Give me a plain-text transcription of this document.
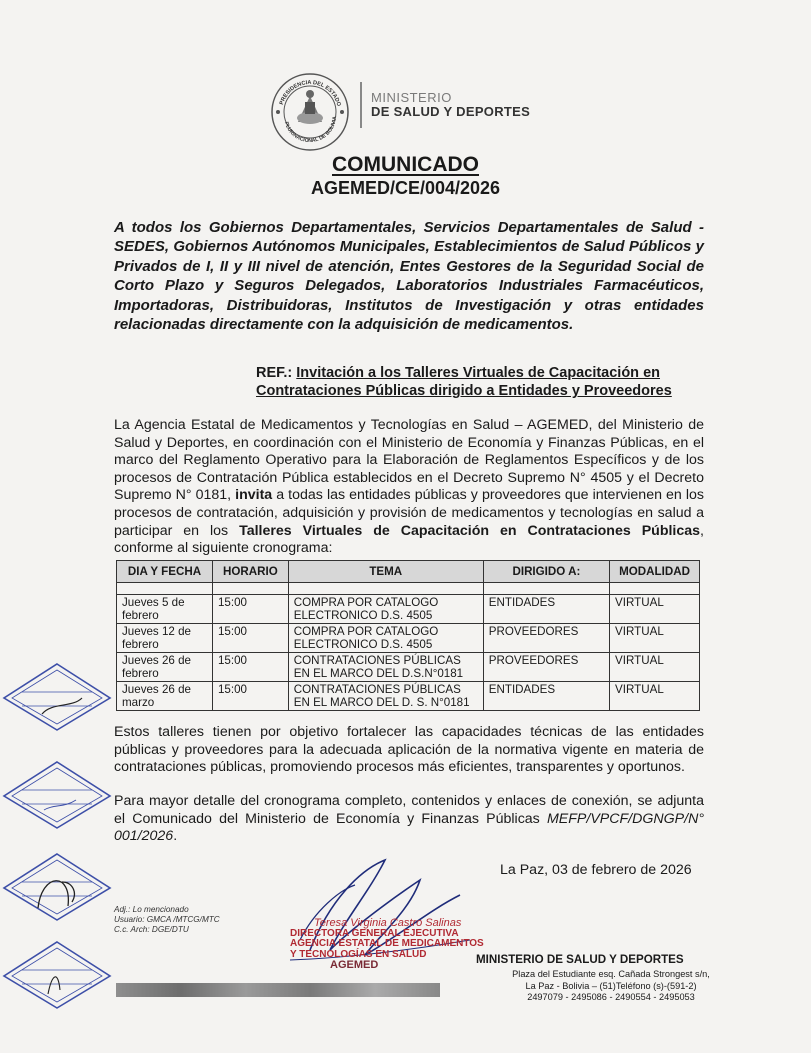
PRESIDENCIA DEL ESTADO
PLURINACIONAL DE BOLIVIA
MINISTERIO
DE SALUD Y DEPORTES
COMUNICADO
AGEMED/CE/004/2026
A todos los Gobiernos Departamentales, Servicios Departamentales de Salud - SEDES, Gobiernos Autónomos Municipales, Establecimientos de Salud Públicos y Privados de I, II y III nivel de atención, Entes Gestores de la Seguridad Social de Corto Plazo y Seguros Delegados, Laboratorios Industriales Farmacéuticos, Importadoras, Distribuidoras, Institutos de Investigación y otras entidades relacionadas directamente con la adquisición de medicamentos.
REF.: Invitación a los Talleres Virtuales de Capacitación en Contrataciones Públicas dirigido a Entidades y Proveedores
La Agencia Estatal de Medicamentos y Tecnologías en Salud – AGEMED, del Ministerio de Salud y Deportes, en coordinación con el Ministerio de Economía y Finanzas Públicas, en el marco del Reglamento Operativo para la Elaboración de Reglamentos Específicos y de los procesos de Contratación Pública establecidos en el Decreto Supremo N° 4505 y el Decreto Supremo N° 0181, invita a todas las entidades públicas y proveedores que intervienen en los procesos de contratación, adquisición y provisión de medicamentos y tecnologías en salud a participar en los Talleres Virtuales de Capacitación en Contrataciones Públicas, conforme al siguiente cronograma:
DIA Y FECHA	HORARIO	TEMA	DIRIGIDO A:	MODALIDAD

Jueves 5 de febrero	15:00	COMPRA POR CATALOGO ELECTRONICO D.S. 4505	ENTIDADES	VIRTUAL
Jueves 12 de febrero	15:00	COMPRA POR CATALOGO ELECTRONICO D.S. 4505	PROVEEDORES	VIRTUAL
Jueves 26 de febrero	15:00	CONTRATACIONES PÚBLICAS EN EL MARCO DEL D.S.N°0181	PROVEEDORES	VIRTUAL
Jueves 26 de marzo	15:00	CONTRATACIONES PÚBLICAS EN EL MARCO DEL D. S. N°0181	ENTIDADES	VIRTUAL
Estos talleres tienen por objetivo fortalecer las capacidades técnicas de las entidades públicas y proveedores para la adecuada aplicación de la normativa vigente en materia de contrataciones públicas, promoviendo procesos más eficientes, transparentes y oportunos.
Para mayor detalle del cronograma completo, contenidos y enlaces de conexión, se adjunta el Comunicado del Ministerio de Economía y Finanzas Públicas MEFP/VPCF/DGNGP/N° 001/2026.
La Paz, 03 de febrero de 2026
Adj.: Lo mencionado
Usuario: GMCA /MTCG/MTC
C.c. Arch: DGE/DTU
Teresa Virginia Castro Salinas
DIRECTORA GENERAL EJECUTIVA
AGENCIA ESTATAL DE MEDICAMENTOS
Y TECNOLOGÍAS EN SALUD
AGEMED	MINISTERIO DE SALUD Y DEPORTES
Plaza del Estudiante esq. Cañada Strongest s/n,
La Paz - Bolivia – (51)Teléfono (s)-(591-2)
2497079 - 2495086 - 2490554 - 2495053
